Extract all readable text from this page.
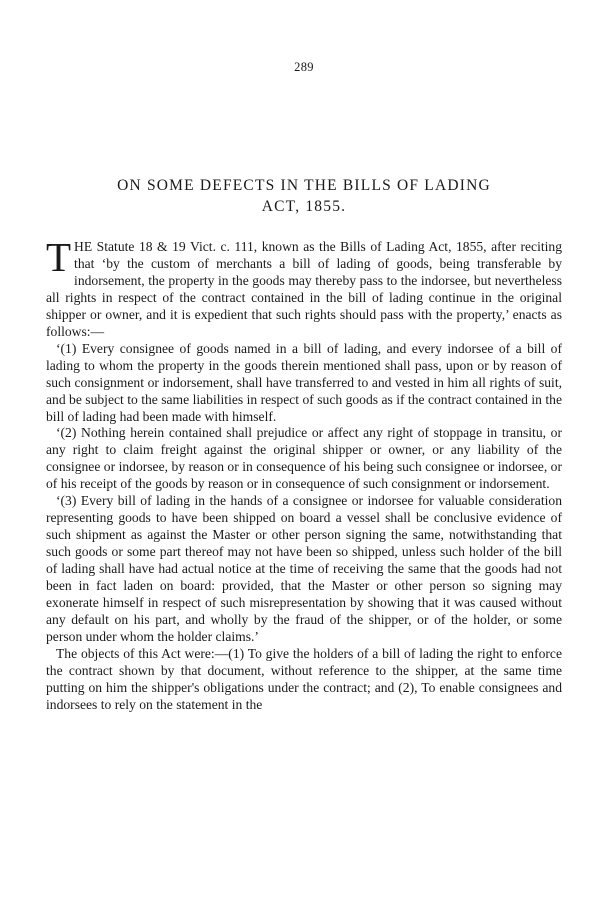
289
ON SOME DEFECTS IN THE BILLS OF LADING
ACT, 1855.

THE Statute 18 & 19 Vict. c. 111, known as the Bills of Lading Act, 1855, after reciting that ‘by the custom of merchants a bill of lading of goods, being transferable by indorsement, the property in the goods may thereby pass to the indorsee, but nevertheless all rights in respect of the contract contained in the bill of lading continue in the original shipper or owner, and it is expedient that such rights should pass with the property,’ enacts as follows:—

‘(1) Every consignee of goods named in a bill of lading, and every indorsee of a bill of lading to whom the property in the goods therein mentioned shall pass, upon or by reason of such consignment or indorsement, shall have transferred to and vested in him all rights of suit, and be subject to the same liabilities in respect of such goods as if the contract contained in the bill of lading had been made with himself.

‘(2) Nothing herein contained shall prejudice or affect any right of stoppage in transitu, or any right to claim freight against the original shipper or owner, or any liability of the consignee or indorsee, by reason or in consequence of his being such consignee or indorsee, or of his receipt of the goods by reason or in consequence of such consignment or indorsement.

‘(3) Every bill of lading in the hands of a consignee or indorsee for valuable consideration representing goods to have been shipped on board a vessel shall be conclusive evidence of such shipment as against the Master or other person signing the same, notwithstanding that such goods or some part thereof may not have been so shipped, unless such holder of the bill of lading shall have had actual notice at the time of receiving the same that the goods had not been in fact laden on board: provided, that the Master or other person so signing may exonerate himself in respect of such misrepresentation by showing that it was caused without any default on his part, and wholly by the fraud of the shipper, or of the holder, or some person under whom the holder claims.’

The objects of this Act were:—(1) To give the holders of a bill of lading the right to enforce the contract shown by that document, without reference to the shipper, at the same time putting on him the shipper's obligations under the contract; and (2), To enable consignees and indorsees to rely on the statement in the
